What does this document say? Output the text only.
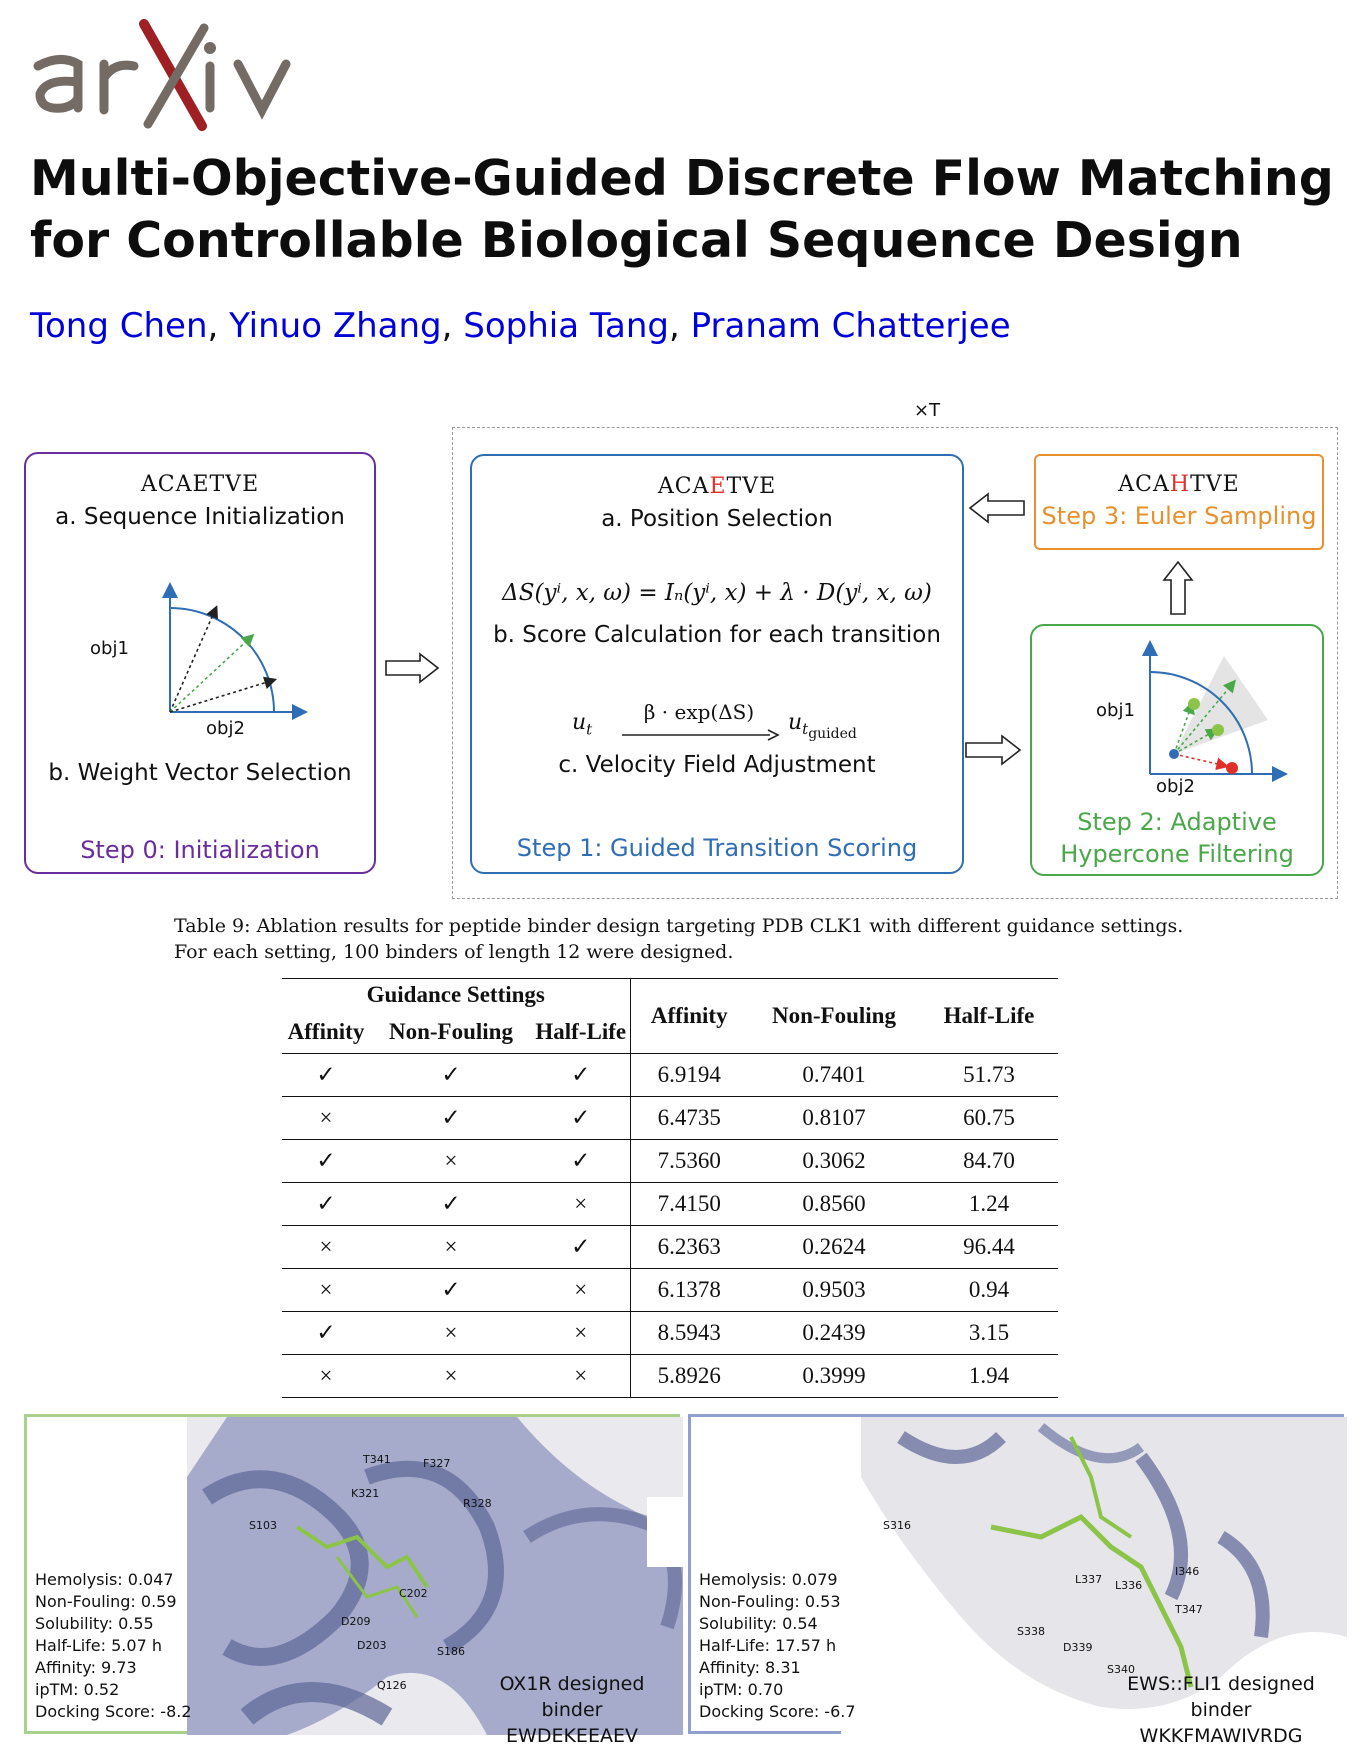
arXiv
Multi-Objective-Guided Discrete Flow Matching
for Controllable Biological Sequence Design
Tong Chen, Yinuo Zhang, Sophia Tang, Pranam Chatterjee
×T
ACAETVE
a. Sequence Initialization
obj1
obj2
b. Weight Vector Selection
Step 0: Initialization
ACAETVE
a. Position Selection
ΔS(yⁱ, x, ω) = Iₙ(yⁱ, x) + λ · D(yⁱ, x, ω)
b. Score Calculation for each transition
$u_t$
β · exp(ΔS)	$u_{t_{guided}}$
c. Velocity Field Adjustment
Step 1: Guided Transition Scoring
ACAHTVE
Step 3: Euler Sampling
obj1
obj2
Step 2: Adaptive
Hypercone Filtering
Table 9: Ablation results for peptide binder design targeting PDB CLK1 with different guidance settings. For each setting, 100 binders of length 12 were designed.
Guidance Settings			Affinity	Non-Fouling	Half-Life
Affinity	Non-Fouling	Half-Life			
✓	✓	✓	6.9194	0.7401	51.73
×	✓	✓	6.4735	0.8107	60.75
✓	×	✓	7.5360	0.3062	84.70
✓	✓	×	7.4150	0.8560	1.24
×	×	✓	6.2363	0.2624	96.44
×	✓	×	6.1378	0.9503	0.94
✓	×	×	8.5943	0.2439	3.15
×	×	×	5.8926	0.3999	1.94
T341	F327
K321
R328
S103
C202
D209
D203	S186
Q126
Hemolysis: 0.047
Non-Fouling: 0.59
Solubility: 0.55
Half-Life: 5.07 h
Affinity: 9.73
ipTM: 0.52
Docking Score: -8.2
OX1R designed binder
EWDEKEEAEV
S316
L337 L336
I346
T347
S338
D339
S340
Hemolysis: 0.079
Non-Fouling: 0.53
Solubility: 0.54
Half-Life: 17.57 h
Affinity: 8.31
ipTM: 0.70
Docking Score: -6.7
EWS::FLI1 designed binder
WKKFMAWIVRDG
